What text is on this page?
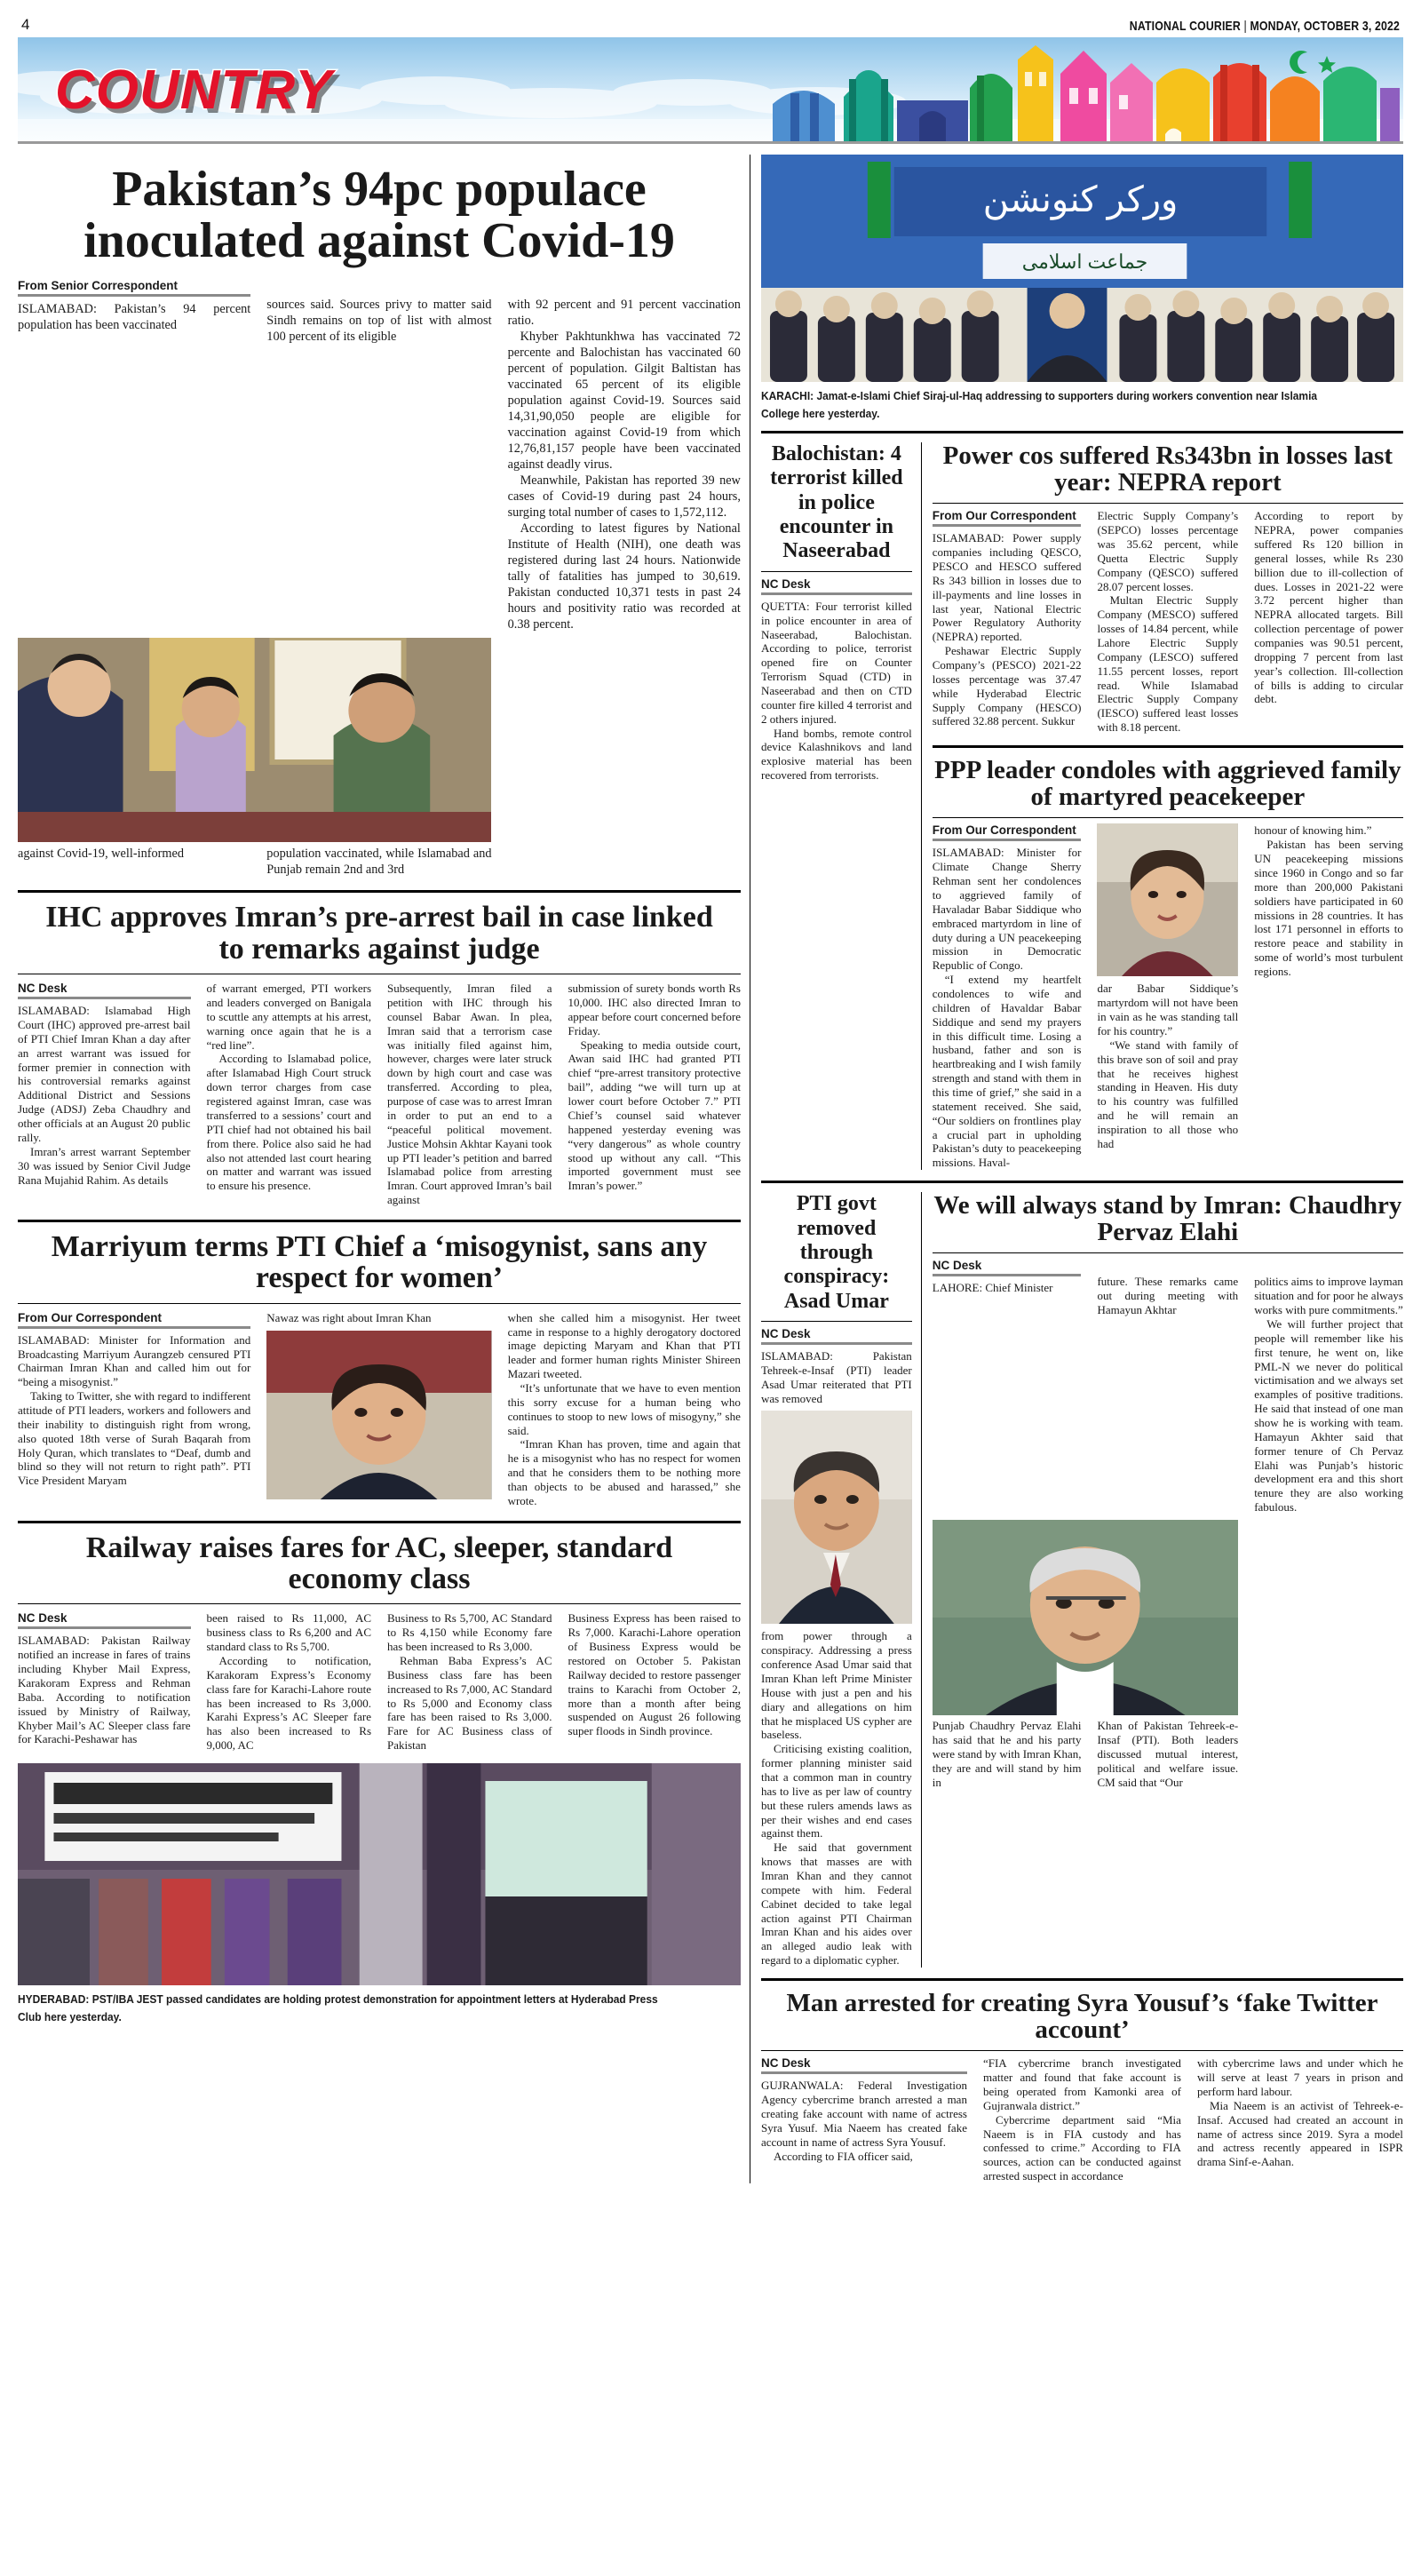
4	NATIONAL COURIER | MONDAY, OCTOBER 3, 2022
COUNTRY
Pakistan’s 94pc populace inoculated against Covid-19
From Senior Correspondent

ISLAMABAD: Pakistan’s 94 percent population has been vaccinated

sources said. Sources privy to matter said Sindh remains on top of list with almost 100 percent of its eligible

with 92 percent and 91 percent vaccination ratio.

Khyber Pakhtunkhwa has vaccinated 72 percente and Balochistan has vaccinated 60 percent of population. Gilgit Baltistan has vaccinated 65 percent of its eligible population against Covid-19. Sources said 14,31,90,050 people are eligible for vaccination against Covid-19 from which 12,76,81,157 people have been vaccinated against deadly virus.

Meanwhile, Pakistan has reported 39 new cases of Covid-19 during past 24 hours, surging total number of cases to 1,572,112.

According to latest figures by National Institute of Health (NIH), one death was registered during last 24 hours. Nationwide tally of fatalities has jumped to 30,619. Pakistan conducted 10,371 tests in past 24 hours and positivity ratio was recorded at 0.38 percent.

against Covid-19, well-informed	population vaccinated, while Islamabad and Punjab remain 2nd and 3rd
IHC approves Imran’s pre-arrest bail in case linked to remarks against judge
NC Desk

ISLAMABAD: Islamabad High Court (IHC) approved pre-arrest bail of PTI Chief Imran Khan a day after an arrest warrant was issued for former premier in connection with his controversial remarks against Additional District and Sessions Judge (ADSJ) Zeba Chaudhry and other officials at an August 20 public rally.

Imran’s arrest warrant September 30 was issued by Senior Civil Judge Rana Mujahid Rahim. As details

of warrant emerged, PTI workers and leaders converged on Banigala to scuttle any attempts at his arrest, warning once again that he is a “red line”.

According to Islamabad police, after Islamabad High Court struck down terror charges from case registered against Imran, case was transferred to a sessions’ court and PTI chief had not obtained his bail from there. Police also said he had also not attended last court hearing on matter and warrant was issued to ensure his presence.

Subsequently, Imran filed a petition with IHC through his counsel Babar Awan. In plea, Imran said that a terrorism case was initially filed against him, however, charges were later struck down by high court and case was transferred. According to plea, purpose of case was to arrest Imran in order to put an end to a “peaceful political movement. Justice Mohsin Akhtar Kayani took up PTI leader’s petition and barred Islamabad police from arresting Imran. Court approved Imran’s bail against

submission of surety bonds worth Rs 10,000. IHC also directed Imran to appear before court concerned before Friday.

Speaking to media outside court, Awan said IHC had granted PTI chief “pre-arrest transitory protective bail”, adding “we will turn up at lower court before October 7.” PTI Chief’s counsel said whatever happened yesterday evening was “very dangerous” as whole country stood up without any call. “This imported government must see Imran’s power.”

Marriyum terms PTI Chief a ‘misogynist, sans any respect for women’
From Our Correspondent

ISLAMABAD: Minister for Information and Broadcasting Marriyum Aurangzeb censured PTI Chairman Imran Khan and called him out for “being a misogynist.”

Taking to Twitter, she with regard to indifferent attitude of PTI leaders, workers and followers and their inability to distinguish right from wrong, also quoted 18th verse of Surah Baqarah from Holy Quran, which translates to “Deaf, dumb and blind so they will not return to right path”. PTI Vice President Maryam

Nawaz was right about Imran Khan	when she called him a misogynist. Her tweet came in response to a highly derogatory doctored image depicting Maryam and Khan that PTI leader and former human rights Minister Shireen Mazari tweeted.

“It’s unfortunate that we have to even mention this sorry excuse for a human being who continues to stoop to new lows of misogyny,” she said.

“Imran Khan has proven, time and again that he is a misogynist who has no respect for women and that he considers them to be nothing more than objects to be abused and harassed,” she wrote.

Railway raises fares for AC, sleeper, standard economy class
NC Desk

ISLAMABAD: Pakistan Railway notified an increase in fares of trains including Khyber Mail Express, Karakoram Express and Rehman Baba. According to notification issued by Ministry of Railway, Khyber Mail’s AC Sleeper class fare for Karachi-Peshawar has

been raised to Rs 11,000, AC business class to Rs 6,200 and AC standard class to Rs 5,700.

According to notification, Karakoram Express’s Economy class fare for Karachi-Lahore route has been increased to Rs 3,000. Karahi Express’s AC Sleeper fare has also been increased to Rs 9,000, AC

Business to Rs 5,700, AC Standard to Rs 4,150 while Economy fare has been increased to Rs 3,000.

Rehman Baba Express’s AC Business class fare has been increased to Rs 7,000, AC Standard to Rs 5,000 and Economy class fare has been raised to Rs 3,000. Fare for AC Business class of Pakistan

Business Express has been raised to Rs 7,000. Karachi-Lahore operation of Business Express would be restored on October 5. Pakistan Railway decided to restore passenger trains to Karachi from October 2, more than a month after being suspended on August 26 following super floods in Sindh province.

HYDERABAD: PST/IBA JEST passed candidates are holding protest demonstration for appointment letters at Hyderabad Press Club here yesterday.
ورکر کنونشن
جماعت اسلامی
KARACHI: Jamat-e-Islami Chief Siraj-ul-Haq addressing to supporters during workers convention near Islamia College here yesterday.
Balochistan: 4 terrorist killed in police encounter in Naseerabad
NC Desk

QUETTA: Four terrorist killed in police encounter in area of Naseerabad, Balochistan. According to police, terrorist opened fire on Counter Terrorism Squad (CTD) in Naseerabad and then on CTD counter fire killed 4 terrorist and 2 others injured.

Hand bombs, remote control device Kalashnikovs and land explosive material has been recovered from terrorists.

Power cos suffered Rs343bn in losses last year: NEPRA report
From Our Correspondent

ISLAMABAD: Power supply companies including QESCO, PESCO and HESCO suffered Rs 343 billion in losses due to ill-payments and line losses in last year, National Electric Power Regulatory Authority (NEPRA) reported.

Peshawar Electric Supply Company’s (PESCO) 2021-22 losses percentage was 37.47 while Hyderabad Electric Supply Company (HESCO) suffered 32.88 percent. Sukkur

Electric Supply Company’s (SEPCO) losses percentage was 35.62 percent, while Quetta Electric Supply Company (QESCO) suffered 28.07 percent losses.

Multan Electric Supply Company (MESCO) suffered losses of 14.84 percent, while Lahore Electric Supply Company (LESCO) suffered 11.55 percent losses, report read. While Islamabad Electric Supply Company (IESCO) suffered least losses with 8.18 percent.

According to report by NEPRA, power companies suffered Rs 120 billion in general losses, while Rs 230 billion due to ill-collection of dues. Losses in 2021-22 were 3.72 percent higher than NEPRA allocated targets. Bill collection percentage of power companies was 90.51 percent, dropping 7 percent from last year’s collection. Ill-collection of bills is adding to circular debt.

PPP leader condoles with aggrieved family of martyred peacekeeper
From Our Correspondent

ISLAMABAD: Minister for Climate Change Sherry Rehman sent her condolences to aggrieved family of Havaladar Babar Siddique who embraced martyrdom in line of duty during a UN peacekeeping mission in Democratic Republic of Congo.

“I extend my heartfelt condolences to wife and children of Havaldar Babar Siddique and send my prayers in this difficult time. Losing a husband, father and son is heartbreaking and I wish family strength and stand with them in this time of grief,” she said in a statement received. She said, “Our soldiers on frontlines play a crucial part in upholding Pakistan’s duty to peacekeeping missions. Haval-

dar Babar Siddique’s martyrdom will not have been in vain as he was standing tall for his country.”

“We stand with family of this brave son of soil and pray that he receives highest standing in Heaven. His duty to his country was fulfilled and he will remain an inspiration to all those who had

honour of knowing him.”

Pakistan has been serving UN peacekeeping missions since 1960 in Congo and so far more than 200,000 Pakistani soldiers have participated in 60 missions in 28 countries. It has lost 171 personnel in efforts to restore peace and stability in some of world’s most turbulent regions.

PTI govt removed through conspiracy: Asad Umar
NC Desk

ISLAMABAD: Pakistan Tehreek-e-Insaf (PTI) leader Asad Umar reiterated that PTI was removed

from power through a conspiracy. Addressing a press conference Asad Umar said that Imran Khan left Prime Minister House with just a pen and his diary and allegations on him that he misplaced US cypher are baseless.

Criticising existing coalition, former planning minister said that a common man in country has to live as per law of country but these rulers amends laws as per their wishes and end cases against them.

He said that government knows that masses are with Imran Khan and they cannot compete with him. Federal Cabinet decided to take legal action against PTI Chairman Imran Khan and his aides over an alleged audio leak with regard to a diplomatic cypher.

We will always stand by Imran: Chaudhry Pervaz Elahi
NC Desk

LAHORE: Chief Minister	future. These remarks came out during meeting with Hamayun Akhtar

politics aims to improve layman situation and for poor he always works with pure commitments.”

We will further project that people will remember like his first tenure, he went on, like PML-N we never do political victimisation and we always set examples of positive traditions. He said that instead of one man show he is working with team. Hamayun Akhter said that former tenure of Ch Pervaz Elahi was Punjab’s historic development era and this short tenure they are also working fabulous.

Punjab Chaudhry Pervaz Elahi has said that he and his party were stand by with Imran Khan, they are and will stand by him in
Khan of Pakistan Tehreek-e-Insaf (PTI). Both leaders discussed mutual interest, political and welfare issue. CM said that “Our
Man arrested for creating Syra Yousuf’s ‘fake Twitter account’
NC Desk

GUJRANWALA: Federal Investigation Agency cybercrime branch arrested a man creating fake account with name of actress Syra Yusuf. Mia Naeem has created fake account in name of actress Syra Yousuf.

According to FIA officer said,

“FIA cybercrime branch investigated matter and found that fake account is being operated from Kamonki area of Gujranwala district.”

Cybercrime department said “Mia Naeem is in FIA custody and has confessed to crime.” According to FIA sources, action can be conducted against arrested suspect in accordance

with cybercrime laws and under which he will serve at least 7 years in prison and perform hard labour.

Mia Naeem is an activist of Tehreek-e-Insaf. Accused had created an account in name of actress since 2019. Syra a model and actress recently appeared in ISPR drama Sinf-e-Aahan.
